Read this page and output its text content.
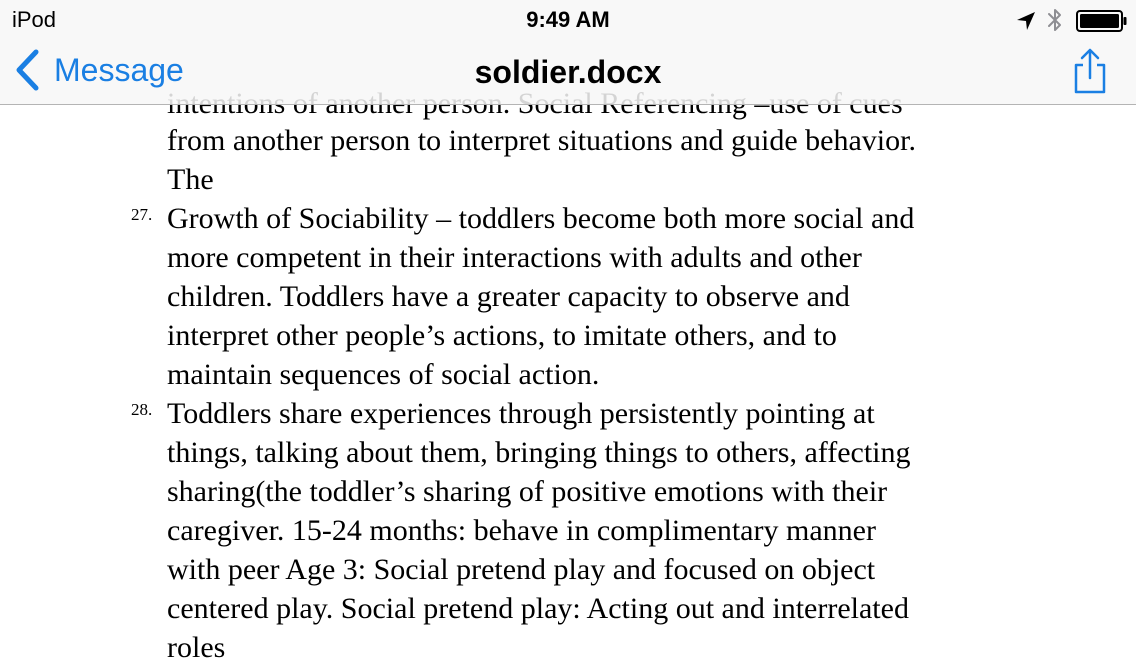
from another person to interpret situations and guide behavior.
The
27. Growth of Sociability – toddlers become both more social and
more competent in their interactions with adults and other
children. Toddlers have a greater capacity to observe and
interpret other people’s actions, to imitate others, and to
maintain sequences of social action.
28. Toddlers share experiences through persistently pointing at
things, talking about them, bringing things to others, affecting
sharing(the toddler’s sharing of positive emotions with their
caregiver. 15-24 months: behave in complimentary manner
with peer Age 3: Social pretend play and focused on object
centered play. Social pretend play: Acting out and interrelated
roles
iPod	9:49 AM
Message	soldier.docx
